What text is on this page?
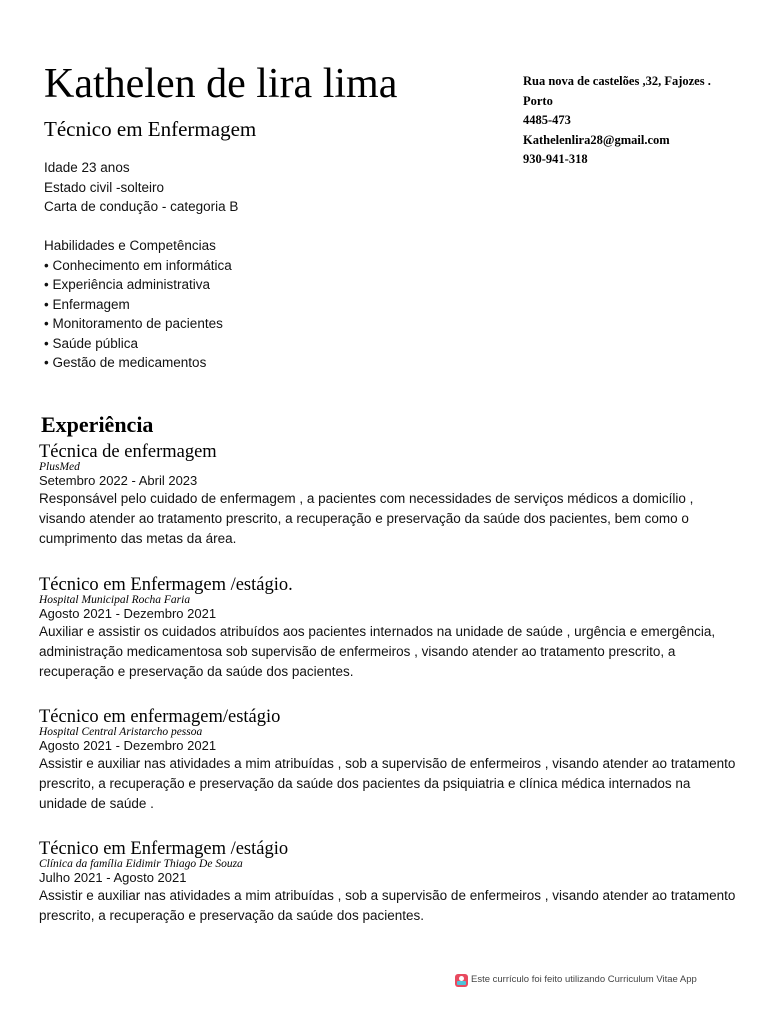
Kathelen de lira lima
Técnico em Enfermagem
Rua nova de castelões ,32, Fajozes .
Porto
4485-473
Kathelenlira28@gmail.com
930-941-318
Idade 23 anos
Estado civil -solteiro
Carta de condução - categoria B
Habilidades e Competências
• Conhecimento em informática
• Experiência administrativa
• Enfermagem
• Monitoramento de pacientes
• Saúde pública
• Gestão de medicamentos
Experiência
Técnica de enfermagem
PlusMed
Setembro 2022 - Abril 2023
Responsável pelo cuidado de enfermagem , a pacientes com necessidades de serviços médicos a domicílio , visando atender ao tratamento prescrito, a recuperação e preservação da saúde dos pacientes, bem como o cumprimento das metas da área.
Técnico em Enfermagem /estágio.
Hospital Municipal Rocha Faria
Agosto 2021 - Dezembro 2021
Auxiliar e assistir os cuidados atribuídos aos pacientes internados na unidade de saúde , urgência e emergência, administração medicamentosa sob supervisão de enfermeiros , visando atender ao tratamento prescrito, a recuperação e preservação da saúde dos pacientes.
Técnico em enfermagem/estágio
Hospital Central Aristarcho pessoa
Agosto 2021 - Dezembro 2021
Assistir e auxiliar nas atividades a mim atribuídas , sob a supervisão de enfermeiros , visando atender ao tratamento prescrito, a recuperação e preservação da saúde dos pacientes da psiquiatria e clínica médica internados na unidade de saúde .
Técnico em Enfermagem /estágio
Clínica da família Eidimir Thiago De Souza
Julho 2021 - Agosto 2021
Assistir e auxiliar nas atividades a mim atribuídas , sob a supervisão de enfermeiros , visando atender ao tratamento prescrito, a recuperação e preservação da saúde dos pacientes.
Este currículo foi feito utilizando Curriculum Vitae App
